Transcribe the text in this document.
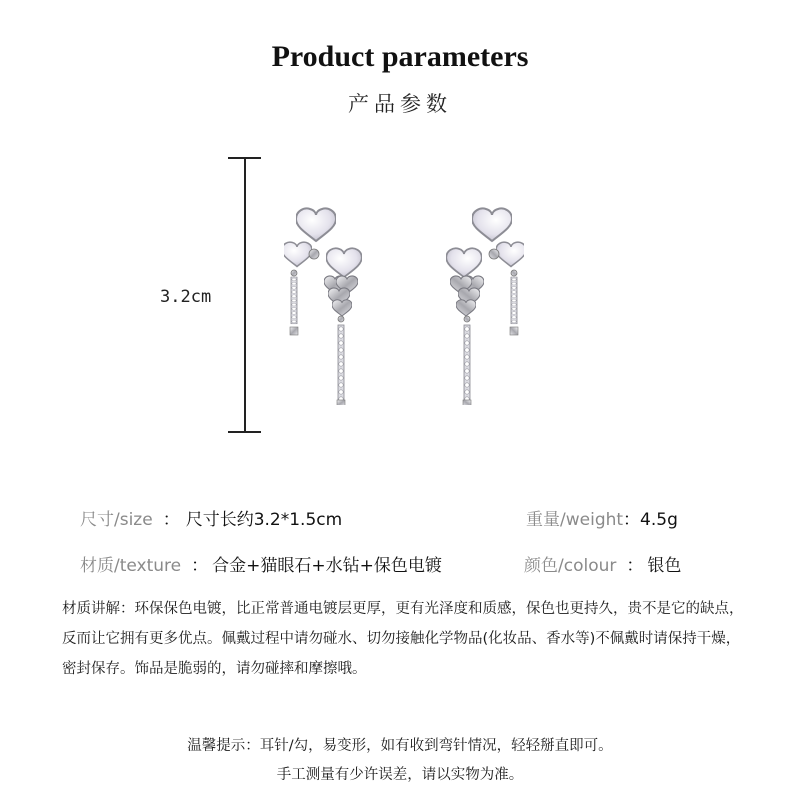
Product parameters
产品参数
3.2cm
尺寸/size ： 尺寸长约3.2*1.5cm	重量/weight：4.5g
材质/texture ： 合金+猫眼石+水钻+保色电镀	颜色/colour ： 银色
材质讲解：环保保色电镀，比正常普通电镀层更厚，更有光泽度和质感，保色也更持久，贵不是它的缺点，反而让它拥有更多优点。佩戴过程中请勿碰水、切勿接触化学物品(化妆品、香水等)不佩戴时请保持干燥，密封保存。饰品是脆弱的，请勿碰摔和摩擦哦。
温馨提示：耳针/勾，易变形，如有收到弯针情况，轻轻掰直即可。
手工测量有少许误差，请以实物为准。
